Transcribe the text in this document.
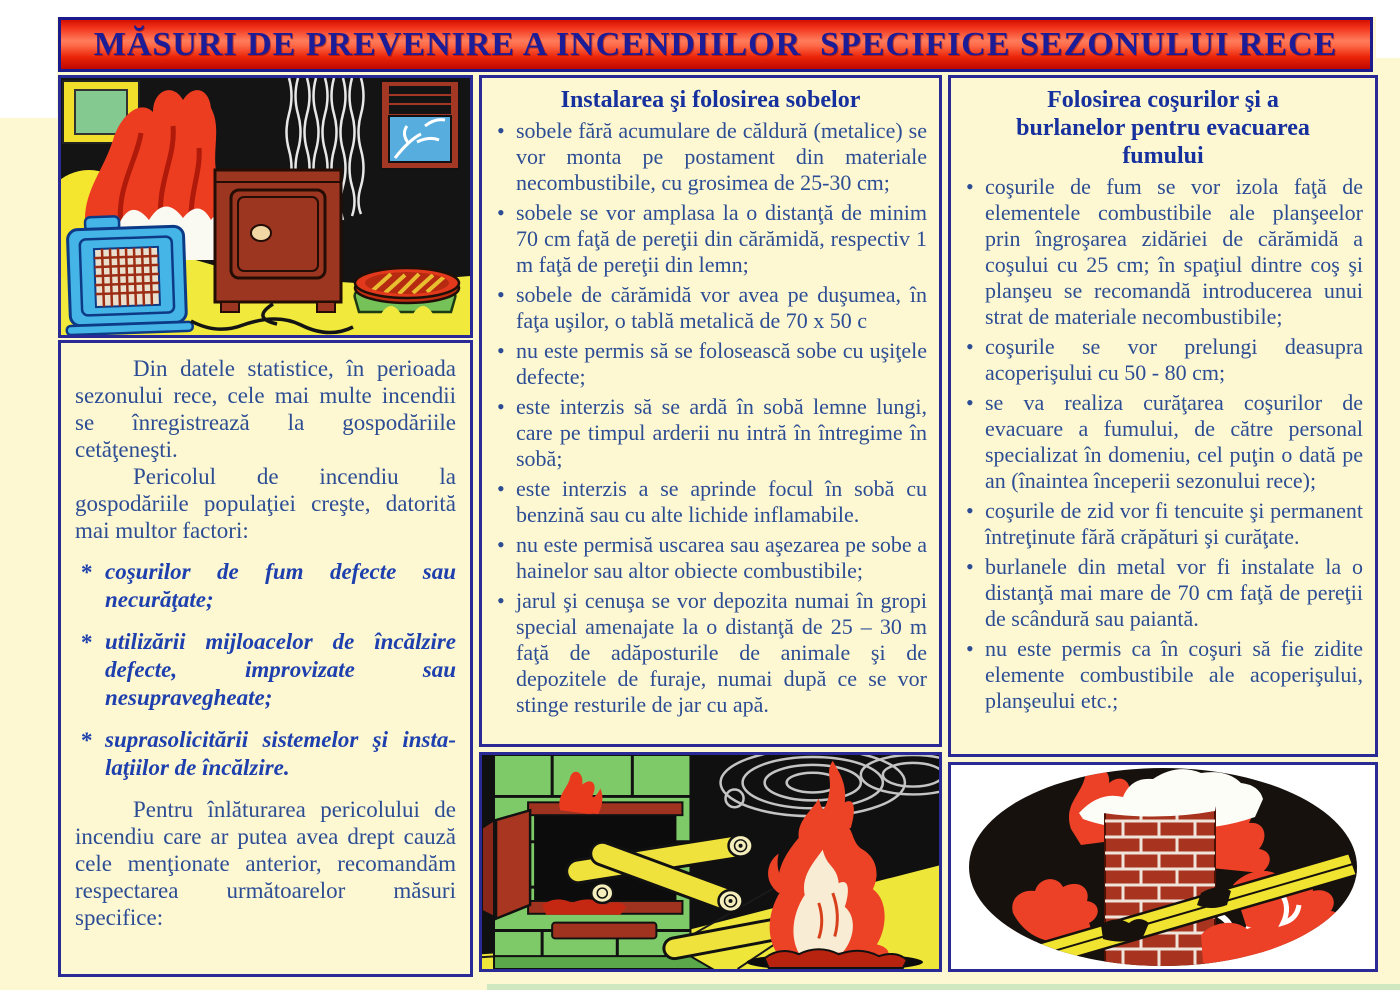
MĂSURI DE PREVENIRE A INCENDIILOR  SPECIFICE SEZONULUI RECE

Din datele statistice, în perioada sezonului rece, cele mai multe incendii se înregistrează la gospodăriile cetăţeneşti.

Pericolul de incendiu la gospodăriile populaţiei creşte, datorită mai multor factori:

* coşurilor de fum defecte sau necurăţate;
* utilizării mijloacelor de încălzire defecte, improvizate sau nesupravegheate;
* suprasolicitării sistemelor şi insta-laţiilor de încălzire.

Pentru înlăturarea pericolului de incendiu care ar putea avea drept cauză cele menţionate anterior, recomandăm respectarea următoarelor măsuri specifice:

Instalarea şi folosirea sobelor
• sobele fără acumulare de căldură (metalice) se vor monta pe postament din materiale necombustibile, cu grosimea de 25-30 cm;
• sobele se vor amplasa la o distanţă de minim 70 cm faţă de pereţii din cărămidă, respectiv 1 m faţă de pereţii din lemn;
• sobele de cărămidă vor avea pe duşumea, în faţa uşilor, o tablă metalică de 70 x 50 c
• nu este permis să se folosească sobe cu uşiţele defecte;
• este interzis să se ardă în sobă lemne lungi, care pe timpul arderii nu intră în întregime în sobă;
• este interzis a se aprinde focul în sobă cu benzină sau cu alte lichide inflamabile.
• nu este permisă uscarea sau aşezarea pe sobe a hainelor sau altor obiecte combustibile;
• jarul şi cenuşa se vor depozita numai în gropi special amenajate la o distanţă de 25 – 30 m faţă de adăposturile de animale şi de depozitele de furaje, numai după ce se vor stinge resturile de jar cu apă.
Folosirea coşurilor şi a burlanelor pentru evacuarea fumului
• coşurile de fum se vor izola faţă de elementele combustibile ale planşeelor prin îngroşarea zidăriei de cărămidă a coşului cu 25 cm; în spaţiul dintre coş şi planşeu se recomandă introducerea unui strat de materiale necombustibile;
• coşurile se vor prelungi deasupra acoperişului cu 50 - 80 cm;
• se va realiza curăţarea coşurilor de evacuare a fumului, de către personal specializat în domeniu, cel puţin o dată pe an (înaintea începerii sezonului rece);
• coşurile de zid vor fi tencuite şi permanent întreţinute fără crăpături şi curăţate.
• burlanele din metal vor fi instalate la o distanţă mai mare de 70 cm faţă de pereţii de scândură sau paiantă.
• nu este permis ca în coşuri să fie zidite elemente combustibile ale acoperişului, planşeului etc.;
